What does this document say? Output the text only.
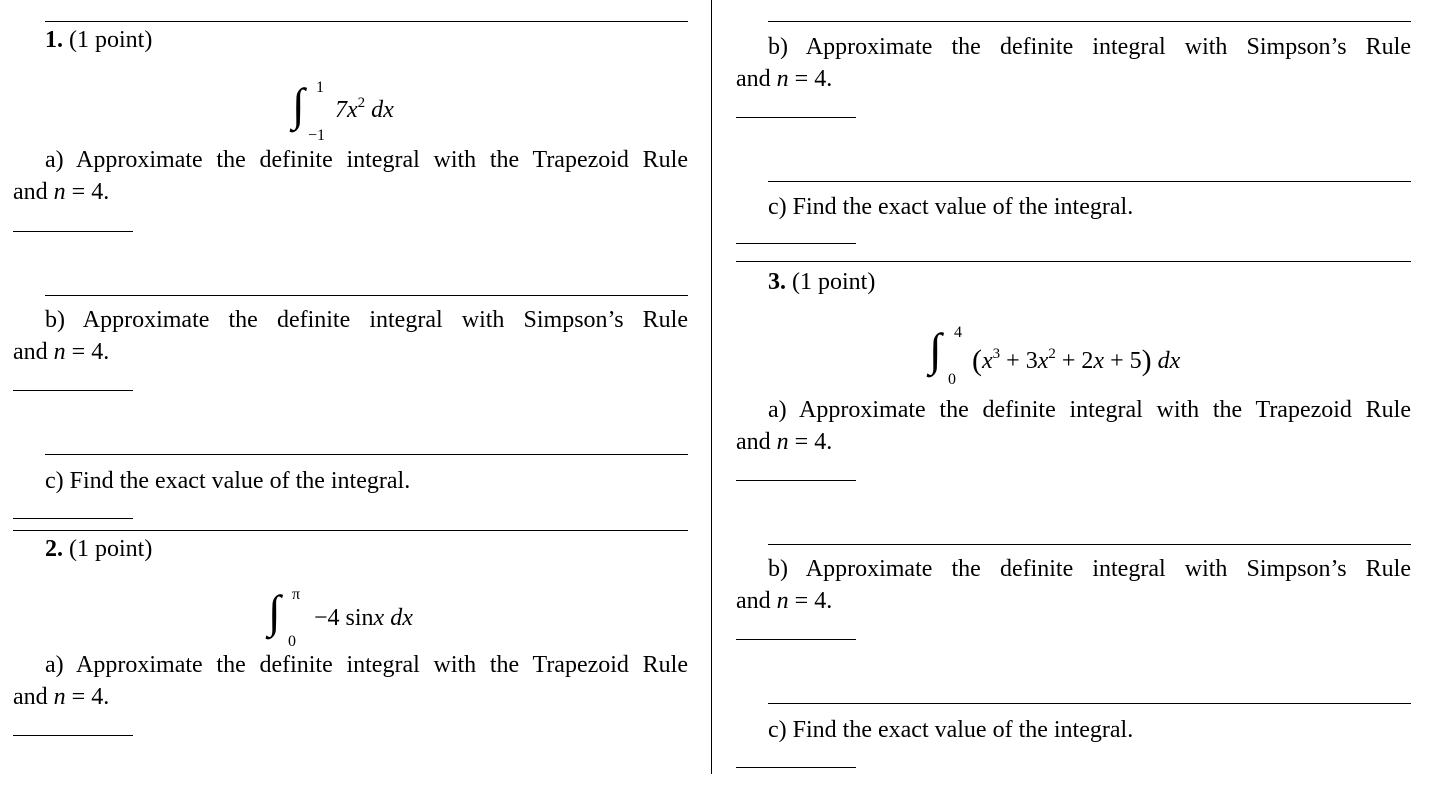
1. (1 point)
∫ 1
−1
$7x^2$ dx
a) Approximate the definite integral with the Trapezoid Rule
and n = 4.
b) Approximate the definite integral with Simpson’s Rule
and n = 4.
c) Find the exact value of the integral.
2. (1 point)
∫ π
0
−4 sinx dx
a) Approximate the definite integral with the Trapezoid Rule
and n = 4.
b) Approximate the definite integral with Simpson’s Rule
and n = 4.
c) Find the exact value of the integral.
3. (1 point)
∫ 4
0
$(x^3 + 3x^2 + 2x + 5)$ dx
a) Approximate the definite integral with the Trapezoid Rule
and n = 4.
b) Approximate the definite integral with Simpson’s Rule
and n = 4.
c) Find the exact value of the integral.
